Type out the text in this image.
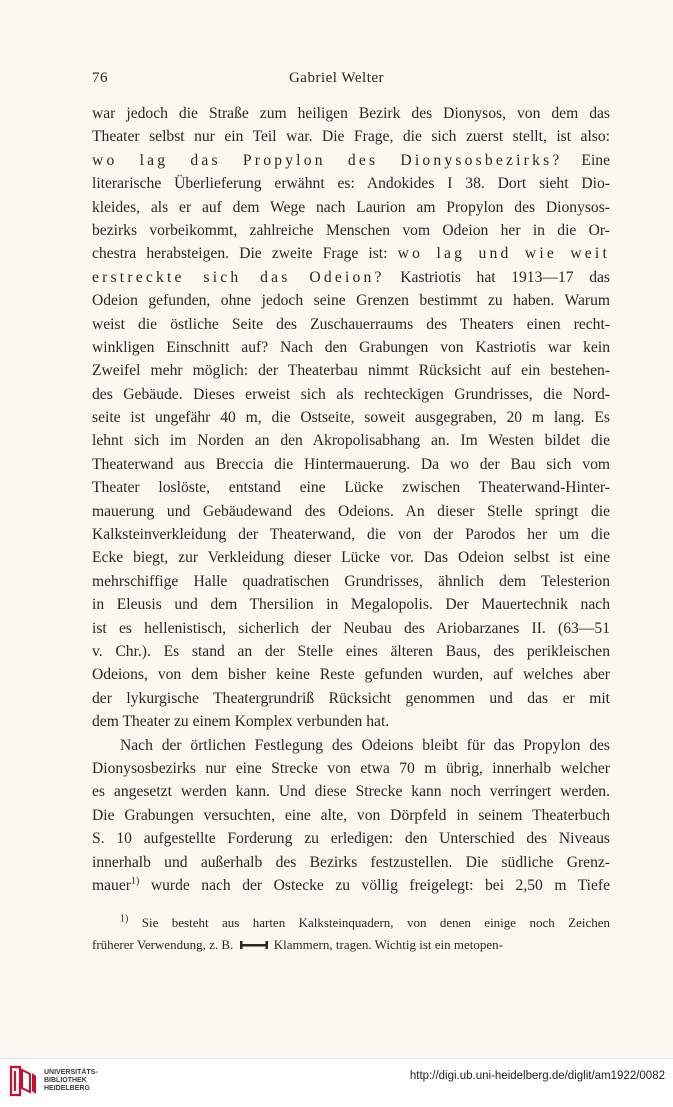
76	Gabriel Welter
war jedoch die Straße zum heiligen Bezirk des Dionysos, von dem das
Theater selbst nur ein Teil war. Die Frage, die sich zuerst stellt, ist also:
wo lag das Propylon des Dionysosbezirks? Eine
literarische Überlieferung erwähnt es: Andokides I 38. Dort sieht Dio-
kleides, als er auf dem Wege nach Laurion am Propylon des Dionysos-
bezirks vorbeikommt, zahlreiche Menschen vom Odeion her in die Or-
chestra herabsteigen. Die zweite Frage ist: wo lag und wie weit
erstreckte sich das Odeion? Kastriotis hat 1913—17 das
Odeion gefunden, ohne jedoch seine Grenzen bestimmt zu haben. Warum
weist die östliche Seite des Zuschauerraums des Theaters einen recht-
winkligen Einschnitt auf? Nach den Grabungen von Kastriotis war kein
Zweifel mehr möglich: der Theaterbau nimmt Rücksicht auf ein bestehen-
des Gebäude. Dieses erweist sich als rechteckigen Grundrisses, die Nord-
seite ist ungefähr 40 m, die Ostseite, soweit ausgegraben, 20 m lang. Es
lehnt sich im Norden an den Akropolisabhang an. Im Westen bildet die
Theaterwand aus Breccia die Hintermauerung. Da wo der Bau sich vom
Theater loslöste, entstand eine Lücke zwischen Theaterwand-Hinter-
mauerung und Gebäudewand des Odeions. An dieser Stelle springt die
Kalksteinverkleidung der Theaterwand, die von der Parodos her um die
Ecke biegt, zur Verkleidung dieser Lücke vor. Das Odeion selbst ist eine
mehrschiffige Halle quadratischen Grundrisses, ähnlich dem Telesterion
in Eleusis und dem Thersilion in Megalopolis. Der Mauertechnik nach
ist es hellenistisch, sicherlich der Neubau des Ariobarzanes II. (63—51
v. Chr.). Es stand an der Stelle eines älteren Baus, des perikleischen
Odeions, von dem bisher keine Reste gefunden wurden, auf welches aber
der lykurgische Theatergrundriß Rücksicht genommen und das er mit
dem Theater zu einem Komplex verbunden hat.
Nach der örtlichen Festlegung des Odeions bleibt für das Propylon des
Dionysosbezirks nur eine Strecke von etwa 70 m übrig, innerhalb welcher
es angesetzt werden kann. Und diese Strecke kann noch verringert werden.
Die Grabungen versuchten, eine alte, von Dörpfeld in seinem Theaterbuch
S. 10 aufgestellte Forderung zu erledigen: den Unterschied des Niveaus
innerhalb und außerhalb des Bezirks festzustellen. Die südliche Grenz-
mauer$^{1)}$ wurde nach der Ostecke zu völlig freigelegt: bei 2,50 m Tiefe
$^{1)}$ Sie besteht aus harten Kalksteinquadern, von denen einige noch Zeichen
früherer Verwendung, z. B.	Klammern, tragen. Wichtig ist ein metopen-
UNIVERSITÄTS-
BIBLIOTHEK
HEIDELBERG
http://digi.ub.uni-heidelberg.de/diglit/am1922/0082
